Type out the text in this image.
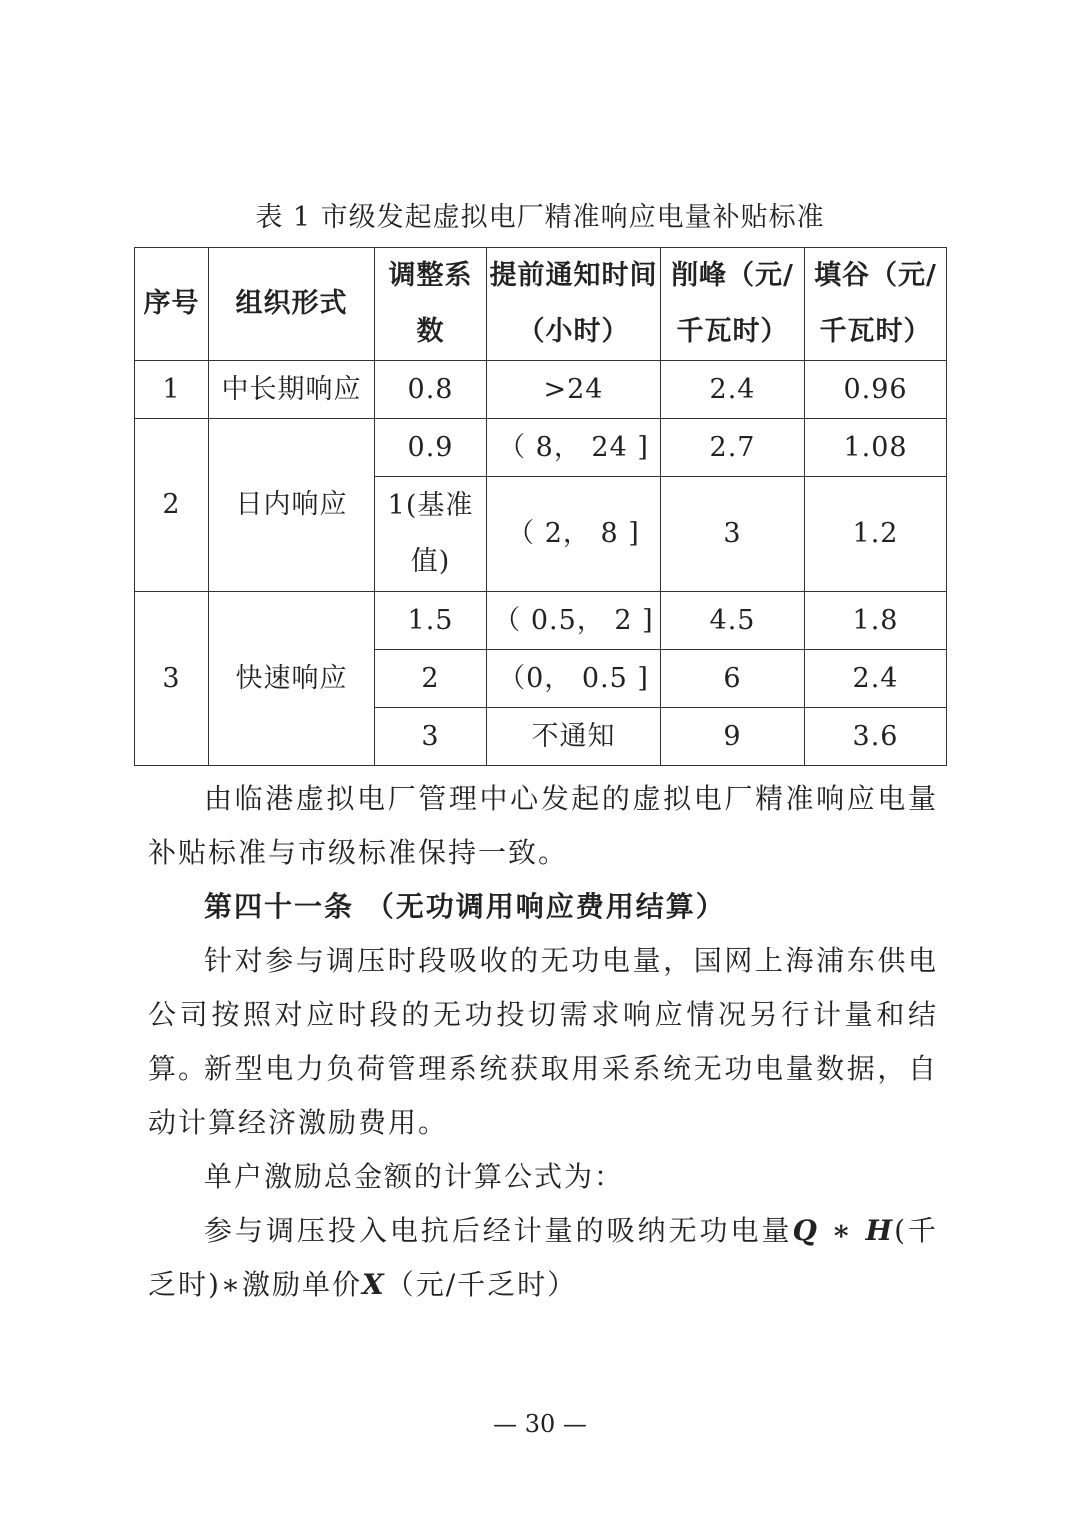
表 1 市级发起虚拟电厂精准响应电量补贴标准
序号	组织形式	调整系数	提前通知时间（小时）	削峰（元/千瓦时）	填谷（元/千瓦时）
1	中长期响应	0.8	>24	2.4	0.96
2	日内响应	0.9	（ 8， 24 ]	2.7	1.08
		1(基准值)	（ 2， 8 ]	3	1.2
3	快速响应	1.5	（ 0.5， 2 ]	4.5	1.8
		2	（0， 0.5 ]	6	2.4
		3	不通知	9	3.6

由临港虚拟电厂管理中心发起的虚拟电厂精准响应电量补贴标准与市级标准保持一致。

第四十一条 （无功调用响应费用结算）

针对参与调压时段吸收的无功电量，国网上海浦东供电公司按照对应时段的无功投切需求响应情况另行计量和结算。

新型电力负荷管理系统获取用采系统无功电量数据，自动计算经济激励费用。

单户激励总金额的计算公式为：

参与调压投入电抗后经计量的吸纳无功电量Q ∗ H(千乏时)∗激励单价X（元/千乏时）

— 30 —
